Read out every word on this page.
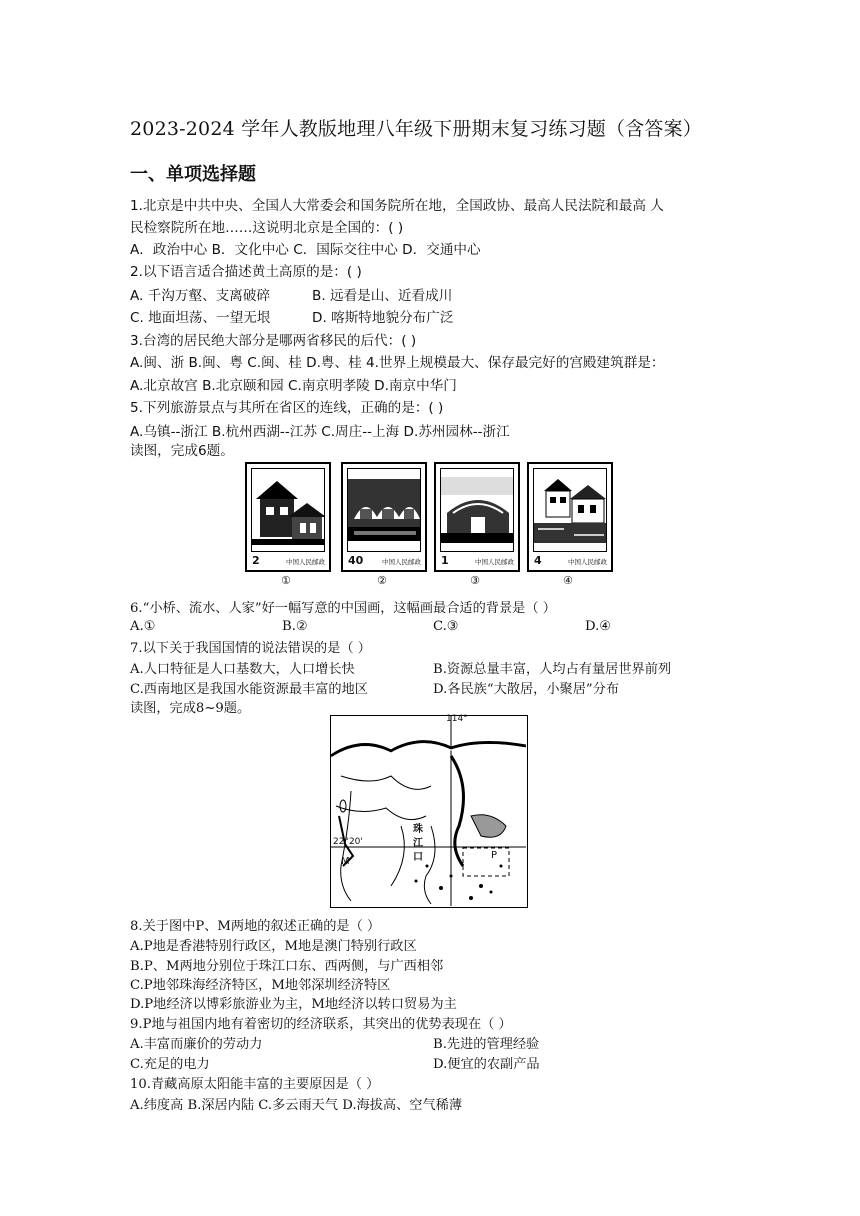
2023-2024 学年人教版地理八年级下册期末复习练习题（含答案）
一、单项选择题
1.北京是中共中央、全国人大常委会和国务院所在地，全国政协、最高人民法院和最高 人
民检察院所在地……这说明北京是全国的：( )
A．政治中心 B．文化中心 C．国际交往中心 D．交通中心
2.以下语言适合描述黄土高原的是：( )
A. 千沟万壑、支离破碎	B. 远看是山、近看成川
C. 地面坦荡、一望无垠	D. 喀斯特地貌分布广泛
3.台湾的居民绝大部分是哪两省移民的后代：( )
A.闽、浙 B.闽、粤 C.闽、桂 D.粤、桂 4.世界上规模最大、保存最完好的宫殿建筑群是：
A.北京故宫 B.北京颐和园 C.南京明孝陵 D.南京中华门
5.下列旅游景点与其所在省区的连线，正确的是：( )
A.乌镇--浙江 B.杭州西湖--江苏 C.周庄--上海 D.苏州园林--浙江
读图，完成6题。
2	中国人民邮政 40	中国人民邮政 1	中国人民邮政 4	中国人民邮政
①	②	③	④
6.“小桥、流水、人家”好一幅写意的中国画，这幅画最合适的背景是（ ）
A.①	B.②	C.③	D.④
7.以下关于我国国情的说法错误的是（ ）
A.人口特征是人口基数大，人口增长快	B.资源总量丰富，人均占有量居世界前列
C.西南地区是我国水能资源最丰富的地区	D.各民族“大散居，小聚居”分布
读图，完成8~9题。
114°
22°20'
珠
江
口	P
M
8.关于图中P、M两地的叙述正确的是（ ）
A.P地是香港特别行政区，M地是澳门特别行政区
B.P、M两地分别位于珠江口东、西两侧，与广西相邻
C.P地邻珠海经济特区，M地邻深圳经济特区
D.P地经济以博彩旅游业为主，M地经济以转口贸易为主
9.P地与祖国内地有着密切的经济联系，其突出的优势表现在（ ）
A.丰富而廉价的劳动力	B.先进的管理经验
C.充足的电力	D.便宜的农副产品
10.青藏高原太阳能丰富的主要原因是（ ）
A.纬度高 B.深居内陆 C.多云雨天气 D.海拔高、空气稀薄
